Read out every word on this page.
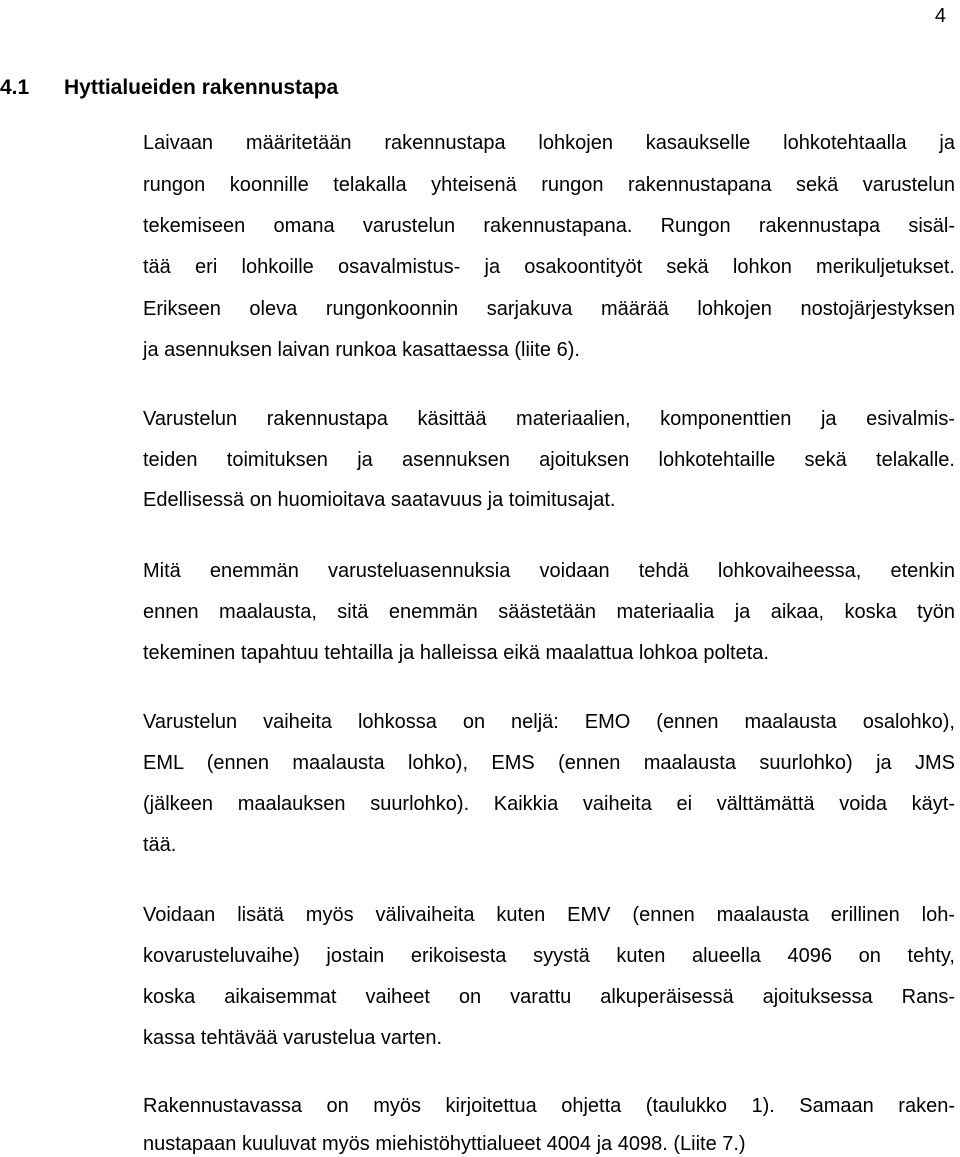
4
4.1 Hyttialueiden rakennustapa
Laivaan määritetään rakennustapa lohkojen kasaukselle lohkotehtaalla ja
rungon koonnille telakalla yhteisenä rungon rakennustapana sekä varustelun
tekemiseen omana varustelun rakennustapana. Rungon rakennustapa sisäl-
tää eri lohkoille osavalmistus- ja osakoontityöt sekä lohkon merikuljetukset.
Erikseen oleva rungonkoonnin sarjakuva määrää lohkojen nostojärjestyksen
ja asennuksen laivan runkoa kasattaessa (liite 6).
Varustelun rakennustapa käsittää materiaalien, komponenttien ja esivalmis-
teiden toimituksen ja asennuksen ajoituksen lohkotehtaille sekä telakalle.
Edellisessä on huomioitava saatavuus ja toimitusajat.
Mitä enemmän varusteluasennuksia voidaan tehdä lohkovaiheessa, etenkin
ennen maalausta, sitä enemmän säästetään materiaalia ja aikaa, koska työn
tekeminen tapahtuu tehtailla ja halleissa eikä maalattua lohkoa polteta.
Varustelun vaiheita lohkossa on neljä: EMO (ennen maalausta osalohko),
EML (ennen maalausta lohko), EMS (ennen maalausta suurlohko) ja JMS
(jälkeen maalauksen suurlohko). Kaikkia vaiheita ei välttämättä voida käyt-
tää.
Voidaan lisätä myös välivaiheita kuten EMV (ennen maalausta erillinen loh-
kovarusteluvaihe) jostain erikoisesta syystä kuten alueella 4096 on tehty,
koska aikaisemmat vaiheet on varattu alkuperäisessä ajoituksessa Rans-
kassa tehtävää varustelua varten.
Rakennustavassa on myös kirjoitettua ohjetta (taulukko 1). Samaan raken-
nustapaan kuuluvat myös miehistöhyttialueet 4004 ja 4098. (Liite 7.)
